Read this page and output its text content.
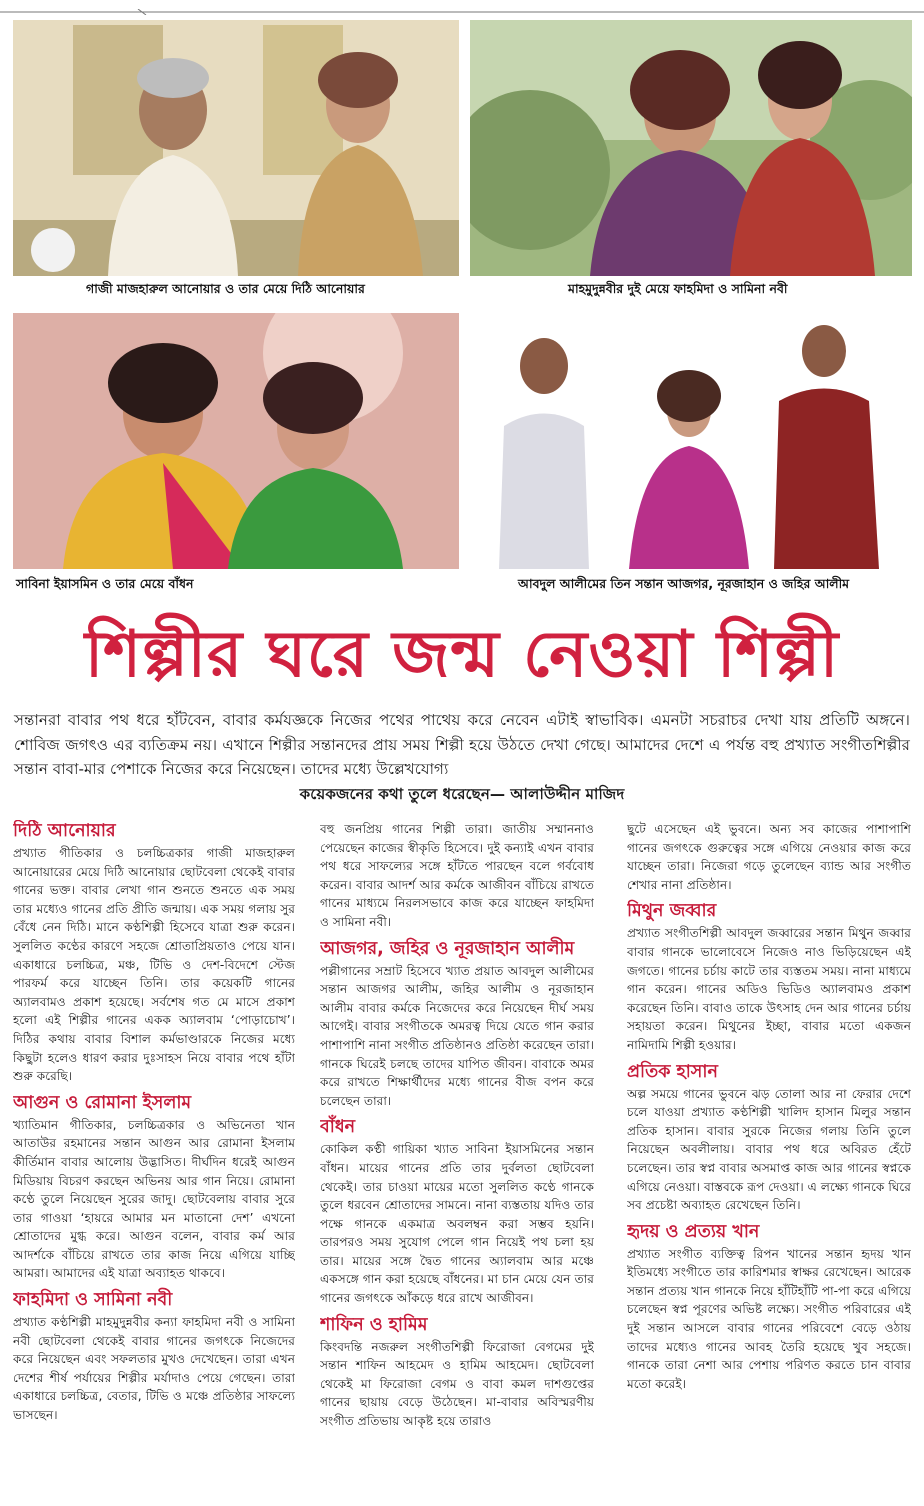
গাজী মাজহারুল আনোয়ার ও তার মেয়ে দিঠি আনোয়ার	মাহমুদুন্নবীর দুই মেয়ে ফাহমিদা ও সামিনা নবী
সাবিনা ইয়াসমিন ও তার মেয়ে বাঁধন	আবদুল আলীমের তিন সন্তান আজগর, নূরজাহান ও জহির আলীম
শিল্পীর ঘরে জন্ম নেওয়া শিল্পী
সন্তানরা বাবার পথ ধরে হাঁটবেন, বাবার কর্মযজ্ঞকে নিজের পথের পাথেয় করে নেবেন এটাই স্বাভাবিক। এমনটা সচরাচর দেখা যায় প্রতিটি অঙ্গনে। শোবিজ জগৎও এর ব্যতিক্রম নয়। এখানে শিল্পীর সন্তানদের প্রায় সময় শিল্পী হয়ে উঠতে দেখা গেছে। আমাদের দেশে এ পর্যন্ত বহু প্রখ্যাত সংগীতশিল্পীর সন্তান বাবা-মার পেশাকে নিজের করে নিয়েছেন। তাদের মধ্যে উল্লেখযোগ্য
কয়েকজনের কথা তুলে ধরেছেন— আলাউদ্দীন মাজিদ
দিঠি আনোয়ার

প্রখ্যাত গীতিকার ও চলচ্চিত্রকার গাজী মাজহারুল আনোয়ারের মেয়ে দিঠি আনোয়ার ছোটবেলা থেকেই বাবার গানের ভক্ত। বাবার লেখা গান শুনতে শুনতে এক সময় তার মধ্যেও গানের প্রতি প্রীতি জন্মায়। এক সময় গলায় সুর বেঁধে নেন দিঠি। মানে কণ্ঠশিল্পী হিসেবে যাত্রা শুরু করেন। সুললিত কণ্ঠের কারণে সহজে শ্রোতাপ্রিয়তাও পেয়ে যান। একাধারে চলচ্চিত্র, মঞ্চ, টিভি ও দেশ-বিদেশে স্টেজ পারফর্ম করে যাচ্ছেন তিনি। তার কয়েকটি গানের অ্যালবামও প্রকাশ হয়েছে। সর্বশেষ গত মে মাসে প্রকাশ হলো এই শিল্পীর গানের একক অ্যালবাম ‘পোড়াচোখ’। দিঠির কথায় বাবার বিশাল কর্মভাণ্ডারকে নিজের মধ্যে কিছুটা হলেও ধারণ করার দুঃসাহস নিয়ে বাবার পথে হাঁটা শুরু করেছি।

আগুন ও রোমানা ইসলাম

খ্যাতিমান গীতিকার, চলচ্চিত্রকার ও অভিনেতা খান আতাউর রহমানের সন্তান আগুন আর রোমানা ইসলাম কীর্তিমান বাবার আলোয় উদ্ভাসিত। দীর্ঘদিন ধরেই আগুন মিডিয়ায় বিচরণ করছেন অভিনয় আর গান নিয়ে। রোমানা কণ্ঠে তুলে নিয়েছেন সুরের জাদু। ছোটবেলায় বাবার সুরে তার গাওয়া ‘হায়রে আমার মন মাতানো দেশ’ এখনো শ্রোতাদের মুগ্ধ করে। আগুন বলেন, বাবার কর্ম আর আদর্শকে বাঁচিয়ে রাখতে তার কাজ নিয়ে এগিয়ে যাচ্ছি আমরা। আমাদের এই যাত্রা অব্যাহত থাকবে।

ফাহমিদা ও সামিনা নবী

প্রখ্যাত কণ্ঠশিল্পী মাহমুদুন্নবীর কন্যা ফাহমিদা নবী ও সামিনা নবী ছোটবেলা থেকেই বাবার গানের জগৎকে নিজেদের করে নিয়েছেন এবং সফলতার মুখও দেখেছেন। তারা এখন দেশের শীর্ষ পর্যায়ের শিল্পীর মর্যাদাও পেয়ে গেছেন। তারা একাধারে চলচ্চিত্র, বেতার, টিভি ও মঞ্চে প্রতিষ্ঠার সাফল্যে ভাসছেন।

বহু জনপ্রিয় গানের শিল্পী তারা। জাতীয় সম্মাননাও পেয়েছেন কাজের স্বীকৃতি হিসেবে। দুই কন্যাই এখন বাবার পথ ধরে সাফল্যের সঙ্গে হাঁটতে পারছেন বলে গর্ববোধ করেন। বাবার আদর্শ আর কর্মকে আজীবন বাঁচিয়ে রাখতে গানের মাধ্যমে নিরলসভাবে কাজ করে যাচ্ছেন ফাহমিদা ও সামিনা নবী।

আজগর, জহির ও নূরজাহান আলীম

পল্লীগানের সম্রাট হিসেবে খ্যাত প্রয়াত আবদুল আলীমের সন্তান আজগর আলীম, জহির আলীম ও নূরজাহান আলীম বাবার কর্মকে নিজেদের করে নিয়েছেন দীর্ঘ সময় আগেই। বাবার সংগীতকে অমরত্ব দিয়ে যেতে গান করার পাশাপাশি নানা সংগীত প্রতিষ্ঠানও প্রতিষ্ঠা করেছেন তারা। গানকে ঘিরেই চলছে তাদের যাপিত জীবন। বাবাকে অমর করে রাখতে শিক্ষার্থীদের মধ্যে গানের বীজ বপন করে চলেছেন তারা।

বাঁধন

কোকিল কণ্ঠী গায়িকা খ্যাত সাবিনা ইয়াসমিনের সন্তান বাঁধন। মায়ের গানের প্রতি তার দুর্বলতা ছোটবেলা থেকেই। তার চাওয়া মায়ের মতো সুললিত কণ্ঠে গানকে তুলে ধরবেন শ্রোতাদের সামনে। নানা ব্যস্ততায় যদিও তার পক্ষে গানকে একমাত্র অবলম্বন করা সম্ভব হয়নি। তারপরও সময় সুযোগ পেলে গান নিয়েই পথ চলা হয় তার। মায়ের সঙ্গে দ্বৈত গানের অ্যালবাম আর মঞ্চে একসঙ্গে গান করা হয়েছে বাঁধনের। মা চান মেয়ে যেন তার গানের জগৎকে আঁকড়ে ধরে রাখে আজীবন।

শাফিন ও হামিম

কিংবদন্তি নজরুল সংগীতশিল্পী ফিরোজা বেগমের দুই সন্তান শাফিন আহমেদ ও হামিম আহমেদ। ছোটবেলা থেকেই মা ফিরোজা বেগম ও বাবা কমল দাশগুপ্তের গানের ছায়ায় বেড়ে উঠেছেন। মা-বাবার অবিস্মরণীয় সংগীত প্রতিভায় আকৃষ্ট হয়ে তারাও

ছুটে এসেছেন এই ভুবনে। অন্য সব কাজের পাশাপাশি গানের জগৎকে গুরুত্বের সঙ্গে এগিয়ে নেওয়ার কাজ করে যাচ্ছেন তারা। নিজেরা গড়ে তুলেছেন ব্যান্ড আর সংগীত শেখার নানা প্রতিষ্ঠান।

মিথুন জব্বার

প্রখ্যাত সংগীতশিল্পী আবদুল জব্বারের সন্তান মিথুন জব্বার বাবার গানকে ভালোবেসে নিজেও নাও ভিড়িয়েছেন এই জগতে। গানের চর্চায় কাটে তার ব্যস্ততম সময়। নানা মাধ্যমে গান করেন। গানের অডিও ভিডিও অ্যালবামও প্রকাশ করেছেন তিনি। বাবাও তাকে উৎসাহ দেন আর গানের চর্চায় সহায়তা করেন। মিথুনের ইচ্ছা, বাবার মতো একজন নামিদামি শিল্পী হওয়ার।

প্রতিক হাসান

অল্প সময়ে গানের ভুবনে ঝড় তোলা আর না ফেরার দেশে চলে যাওয়া প্রখ্যাত কণ্ঠশিল্পী খালিদ হাসান মিলুর সন্তান প্রতিক হাসান। বাবার সুরকে নিজের গলায় তিনি তুলে নিয়েছেন অবলীলায়। বাবার পথ ধরে অবিরত হেঁটে চলেছেন। তার স্বপ্ন বাবার অসমাপ্ত কাজ আর গানের স্বপ্নকে এগিয়ে নেওয়া। বাস্তবকে রূপ দেওয়া। এ লক্ষ্যে গানকে ঘিরে সব প্রচেষ্টা অব্যাহত রেখেছেন তিনি।

হৃদয় ও প্রত্যয় খান

প্রখ্যাত সংগীত ব্যক্তিত্ব রিপন খানের সন্তান হৃদয় খান ইতিমধ্যে সংগীতে তার কারিশমার স্বাক্ষর রেখেছেন। আরেক সন্তান প্রত্যয় খান গানকে নিয়ে হাঁটিহাঁটি পা-পা করে এগিয়ে চলেছেন স্বপ্ন পূরণের অভিষ্ট লক্ষ্যে। সংগীত পরিবারের এই দুই সন্তান আসলে বাবার গানের পরিবেশে বেড়ে ওঠায় তাদের মধ্যেও গানের আবহ তৈরি হয়েছে খুব সহজে। গানকে তারা নেশা আর পেশায় পরিণত করতে চান বাবার মতো করেই।
